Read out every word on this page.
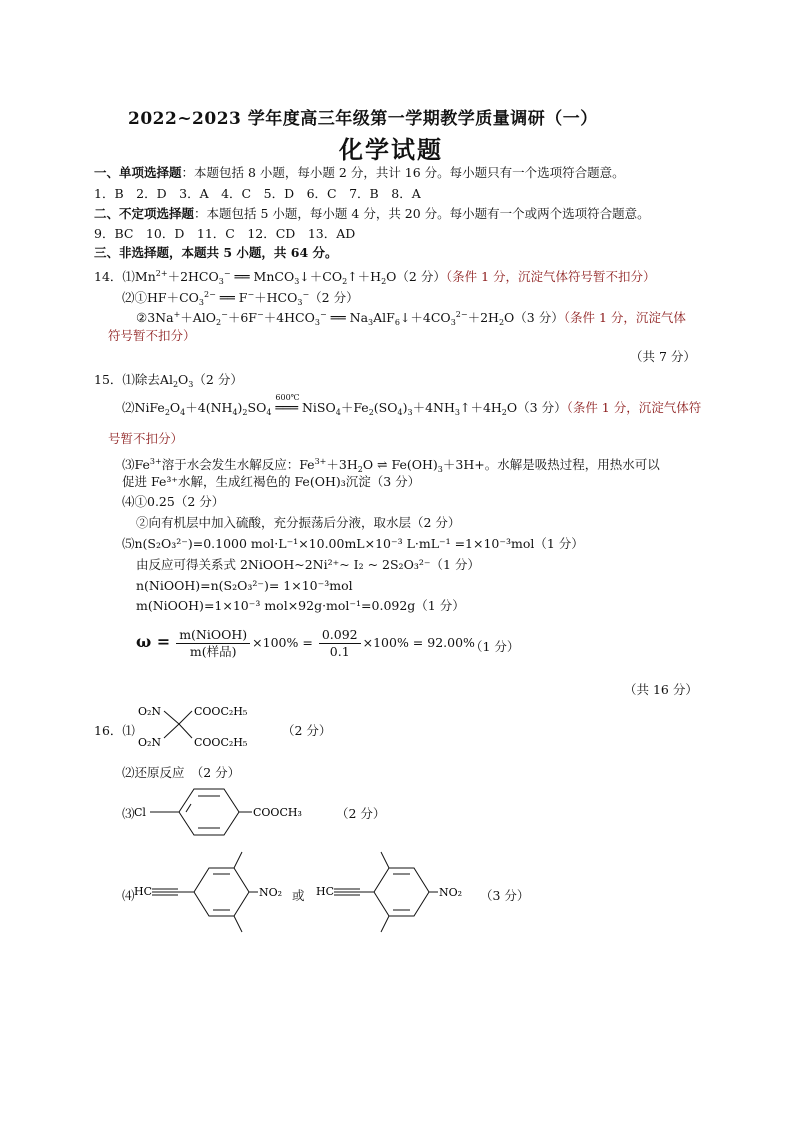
2022~2023 学年度高三年级第一学期教学质量调研（一）
化学试题
一、单项选择题：本题包括 8 小题，每小题 2 分，共计 16 分。每小题只有一个选项符合题意。
1．B　2．D　3．A　4．C　5．D　6．C　7．B　8．A
二、不定项选择题：本题包括 5 小题，每小题 4 分，共 20 分。每小题有一个或两个选项符合题意。
9．BC　10．D　11．C　12．CD　13．AD
三、非选择题，本题共 5 小题，共 64 分。
14．$⑴Mn^{2+}+2HCO_3^-$ ══ $MnCO_3↓+CO_2↑+H_2O(2$ 分）（条件 1 分，沉淀气体符号暂不扣分）
$⑵①HF+CO_3^{2-}$ ══ $F^-+HCO_3^-(2$ 分）
$②3Na^++AlO_2^-+6F^-+4HCO_3^-$ ══ $Na_3AlF_6↓+4CO_3^{2-}+2H_2O(3$ 分）（条件 1 分，沉淀气体
符号暂不扣分）
（共 7 分）
15．⑴除去$Al_2O_3(2$ 分）
$⑵NiFe_2O_4+4(NH_4)_2SO_4$
600℃
═══ $NiSO_4+Fe_2(SO_4)_3+4NH_3↑+4H_2O(3$ 分）（条件 1 分，沉淀气体符
号暂不扣分）
$⑶Fe^{3+}$溶于水会发生水解反应：$Fe^{3+}+3H_2O$ ⇌ $Fe(OH)_3+3H+$。水解是吸热过程，用热水可以
促进 Fe³⁺水解，生成红褐色的 Fe(OH)₃沉淀（3 分）
⑷①0.25（2 分）
②向有机层中加入硫酸，充分振荡后分液，取水层（2 分）
⑸n(S₂O₃²⁻)=0.1000 mol·L⁻¹×10.00mL×10⁻³ L·mL⁻¹ =1×10⁻³mol（1 分）
由反应可得关系式 2NiOOH~2Ni²⁺~ I₂ ~ 2S₂O₃²⁻（1 分）
n(NiOOH)=n(S₂O₃²⁻)= 1×10⁻³mol
m(NiOOH)=1×10⁻³ mol×92g·mol⁻¹=0.092g（1 分）
$\omega = \frac{\text{m(NiOOH)}}{\text{m(样品)}} \times 100\% = \frac{0.092}{0.1} \times 100\% = 92.00\%$
（1 分）
（共 16 分）
16．⑴
O₂N
O₂N
COOC₂H₅
COOC₂H₅
（2 分）
⑵还原反应　（2 分）
⑶ Cl	COOCH₃	（2 分）
⑷ HC	NO₂ 或 HC	NO₂ （3 分）
